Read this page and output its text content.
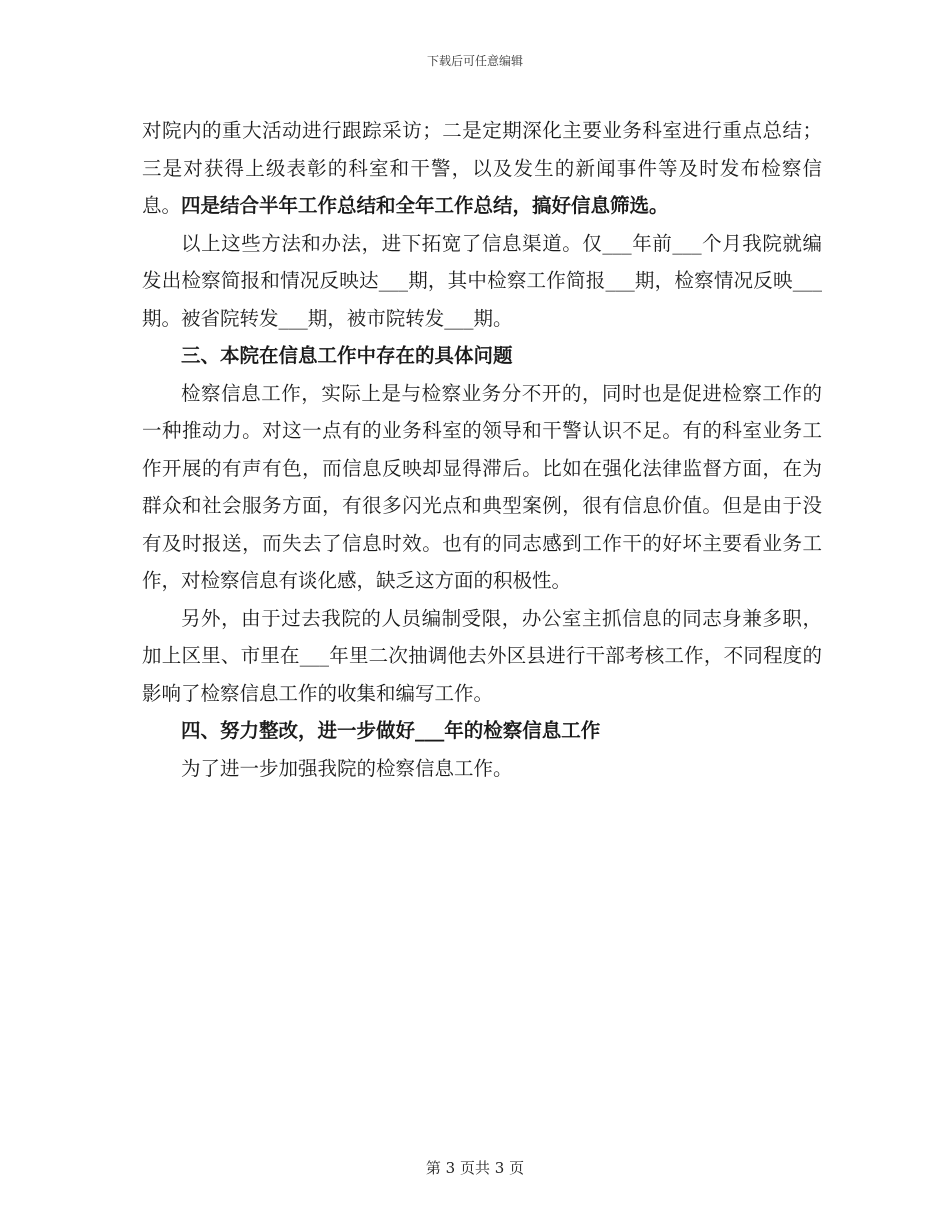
下载后可任意编辑

对院内的重大活动进行跟踪采访；二是定期深化主要业务科室进行重点总结；三是对获得上级表彰的科室和干警，以及发生的新闻事件等及时发布检察信息。四是结合半年工作总结和全年工作总结，搞好信息筛选。

以上这些方法和办法，进下拓宽了信息渠道。仅___年前___个月我院就编发出检察简报和情况反映达___期，其中检察工作简报___期，检察情况反映___期。被省院转发___期，被市院转发___期。

三、本院在信息工作中存在的具体问题

检察信息工作，实际上是与检察业务分不开的，同时也是促进检察工作的一种推动力。对这一点有的业务科室的领导和干警认识不足。有的科室业务工作开展的有声有色，而信息反映却显得滞后。比如在强化法律监督方面，在为群众和社会服务方面，有很多闪光点和典型案例，很有信息价值。但是由于没有及时报送，而失去了信息时效。也有的同志感到工作干的好坏主要看业务工作，对检察信息有谈化感，缺乏这方面的积极性。

另外，由于过去我院的人员编制受限，办公室主抓信息的同志身兼多职，加上区里、市里在___年里二次抽调他去外区县进行干部考核工作，不同程度的影响了检察信息工作的收集和编写工作。

四、努力整改，进一步做好___年的检察信息工作

为了进一步加强我院的检察信息工作。

第 3 页共 3 页
